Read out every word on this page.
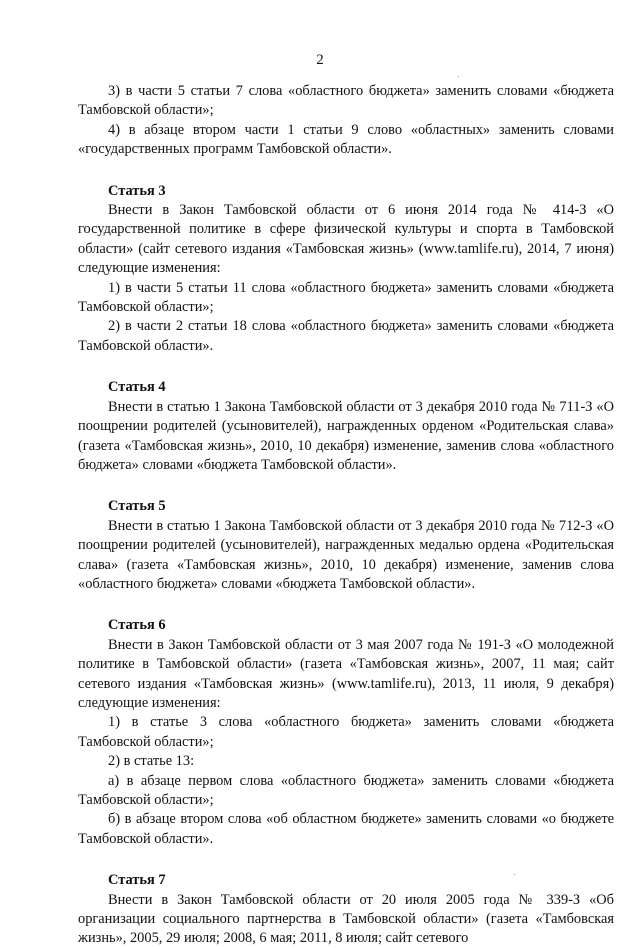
2

3) в части 5 статьи 7 слова «областного бюджета» заменить словами «бюджета Тамбовской области»;

4) в абзаце втором части 1 статьи 9 слово «областных» заменить словами «государственных программ Тамбовской области».

Статья 3

Внести в Закон Тамбовской области от 6 июня 2014 года № 414-З «О государственной политике в сфере физической культуры и спорта в Тамбовской области» (сайт сетевого издания «Тамбовская жизнь» (www.tamlife.ru), 2014, 7 июня) следующие изменения:

1) в части 5 статьи 11 слова «областного бюджета» заменить словами «бюджета Тамбовской области»;

2) в части 2 статьи 18 слова «областного бюджета» заменить словами «бюджета Тамбовской области».

Статья 4

Внести в статью 1 Закона Тамбовской области от 3 декабря 2010 года № 711-З «О поощрении родителей (усыновителей), награжденных орденом «Родительская слава» (газета «Тамбовская жизнь», 2010, 10 декабря) изменение, заменив слова «областного бюджета» словами «бюджета Тамбовской области».

Статья 5

Внести в статью 1 Закона Тамбовской области от 3 декабря 2010 года № 712-З «О поощрении родителей (усыновителей), награжденных медалью ордена «Родительская слава» (газета «Тамбовская жизнь», 2010, 10 декабря) изменение, заменив слова «областного бюджета» словами «бюджета Тамбовской области».

Статья 6

Внести в Закон Тамбовской области от 3 мая 2007 года № 191-З «О молодежной политике в Тамбовской области» (газета «Тамбовская жизнь», 2007, 11 мая; сайт сетевого издания «Тамбовская жизнь» (www.tamlife.ru), 2013, 11 июля, 9 декабря) следующие изменения:

1) в статье 3 слова «областного бюджета» заменить словами «бюджета Тамбовской области»;

2) в статье 13:

а) в абзаце первом слова «областного бюджета» заменить словами «бюджета Тамбовской области»;

б) в абзаце втором слова «об областном бюджете» заменить словами «о бюджете Тамбовской области».

Статья 7

Внести в Закон Тамбовской области от 20 июля 2005 года № 339-З «Об организации социального партнерства в Тамбовской области» (газета «Тамбовская жизнь», 2005, 29 июля; 2008, 6 мая; 2011, 8 июля; сайт сетевого
